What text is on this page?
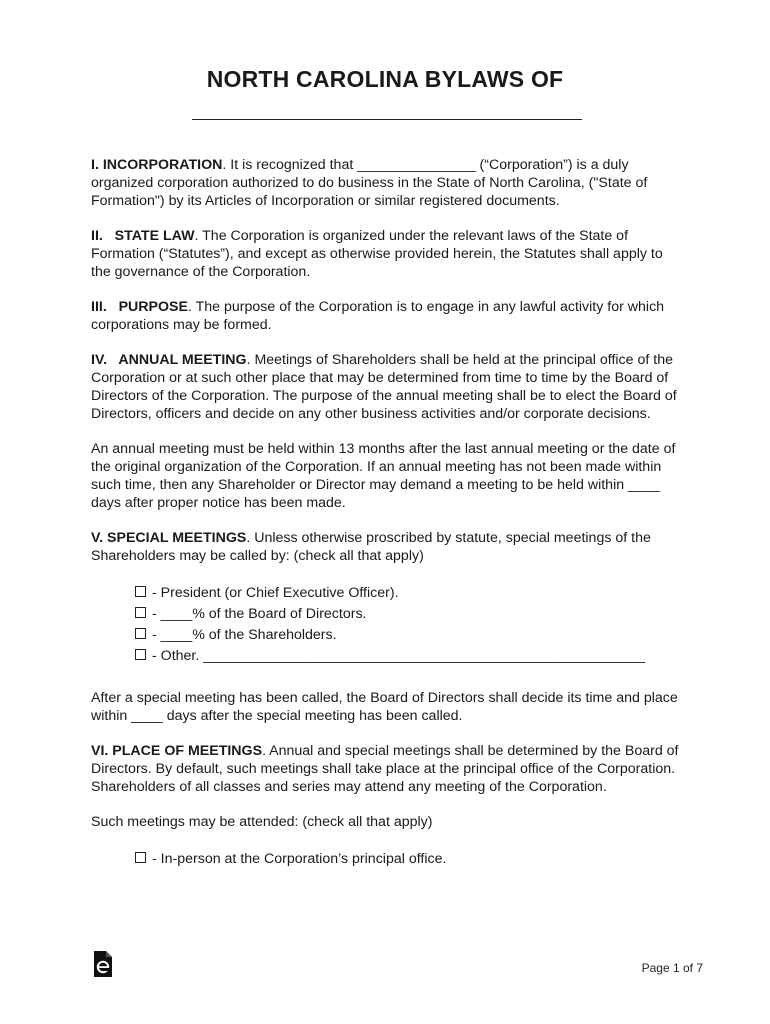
NORTH CAROLINA BYLAWS OF

I. INCORPORATION. It is recognized that _______________ (“Corporation”) is a duly organized corporation authorized to do business in the State of North Carolina, ("State of Formation") by its Articles of Incorporation or similar registered documents.

II.   STATE LAW. The Corporation is organized under the relevant laws of the State of Formation (“Statutes”), and except as otherwise provided herein, the Statutes shall apply to the governance of the Corporation.

III.   PURPOSE. The purpose of the Corporation is to engage in any lawful activity for which corporations may be formed.

IV.   ANNUAL MEETING. Meetings of Shareholders shall be held at the principal office of the Corporation or at such other place that may be determined from time to time by the Board of Directors of the Corporation. The purpose of the annual meeting shall be to elect the Board of Directors, officers and decide on any other business activities and/or corporate decisions.

An annual meeting must be held within 13 months after the last annual meeting or the date of the original organization of the Corporation. If an annual meeting has not been made within such time, then any Shareholder or Director may demand a meeting to be held within ____ days after proper notice has been made.

V. SPECIAL MEETINGS. Unless otherwise proscribed by statute, special meetings of the Shareholders may be called by: (check all that apply)

- President (or Chief Executive Officer).
- ____% of the Board of Directors.
- ____% of the Shareholders.
- Other. ________________________________________________________

After a special meeting has been called, the Board of Directors shall decide its time and place within ____ days after the special meeting has been called.

VI. PLACE OF MEETINGS. Annual and special meetings shall be determined by the Board of Directors. By default, such meetings shall take place at the principal office of the Corporation. Shareholders of all classes and series may attend any meeting of the Corporation.

Such meetings may be attended: (check all that apply)

- In-person at the Corporation’s principal office.
Page 1 of 7
